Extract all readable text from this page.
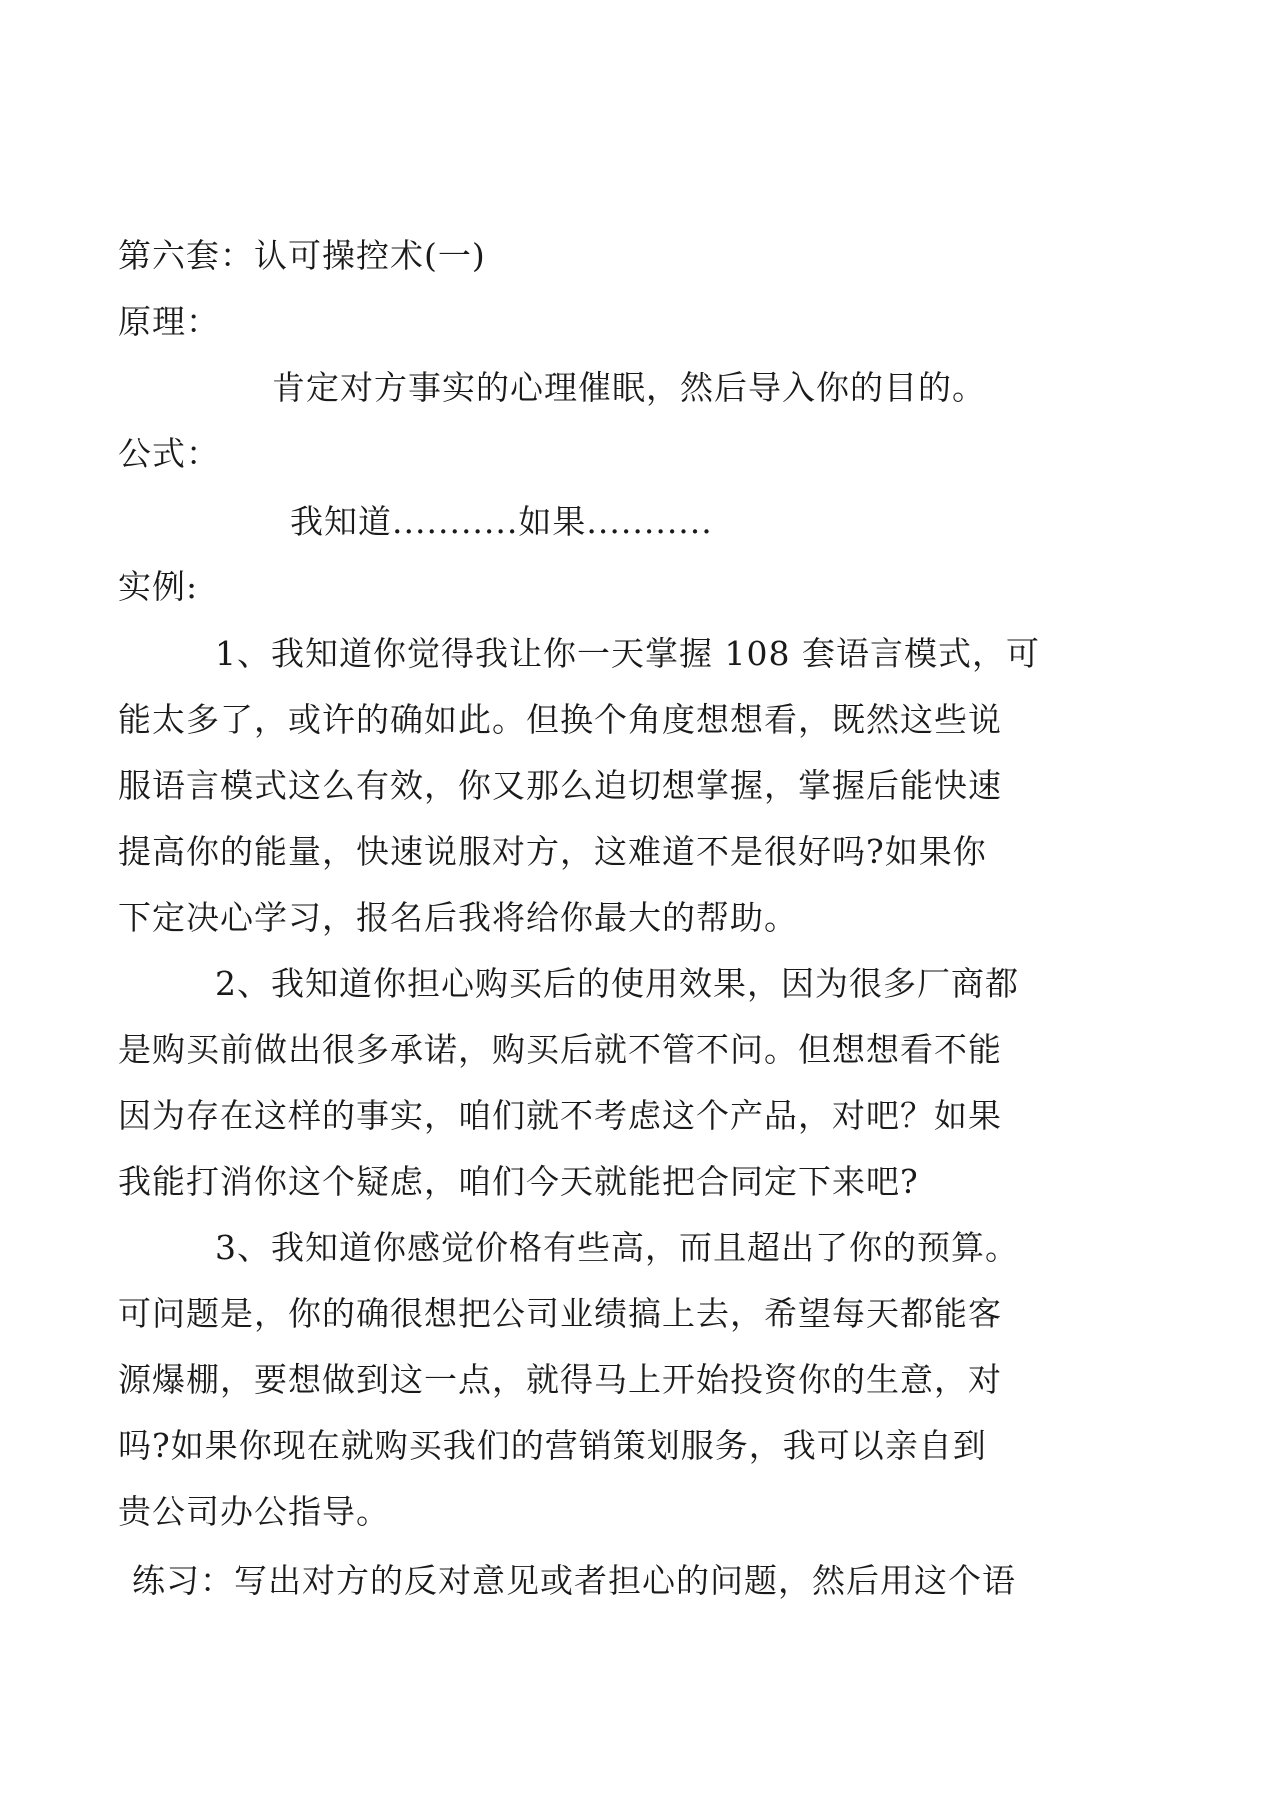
第六套：认可操控术(一)
原理：
肯定对方事实的心理催眠，然后导入你的目的。
公式：
我知道...........如果...........
实例:
1、我知道你觉得我让你一天掌握 108 套语言模式，可
能太多了，或许的确如此。但换个角度想想看，既然这些说
服语言模式这么有效，你又那么迫切想掌握，掌握后能快速
提高你的能量，快速说服对方，这难道不是很好吗?如果你
下定决心学习，报名后我将给你最大的帮助。
2、我知道你担心购买后的使用效果，因为很多厂商都
是购买前做出很多承诺，购买后就不管不问。但想想看不能
因为存在这样的事实，咱们就不考虑这个产品，对吧？如果
我能打消你这个疑虑，咱们今天就能把合同定下来吧?
3、我知道你感觉价格有些高，而且超出了你的预算。
可问题是，你的确很想把公司业绩搞上去，希望每天都能客
源爆棚，要想做到这一点，就得马上开始投资你的生意，对
吗?如果你现在就购买我们的营销策划服务，我可以亲自到
贵公司办公指导。
练习：写出对方的反对意见或者担心的问题，然后用这个语
